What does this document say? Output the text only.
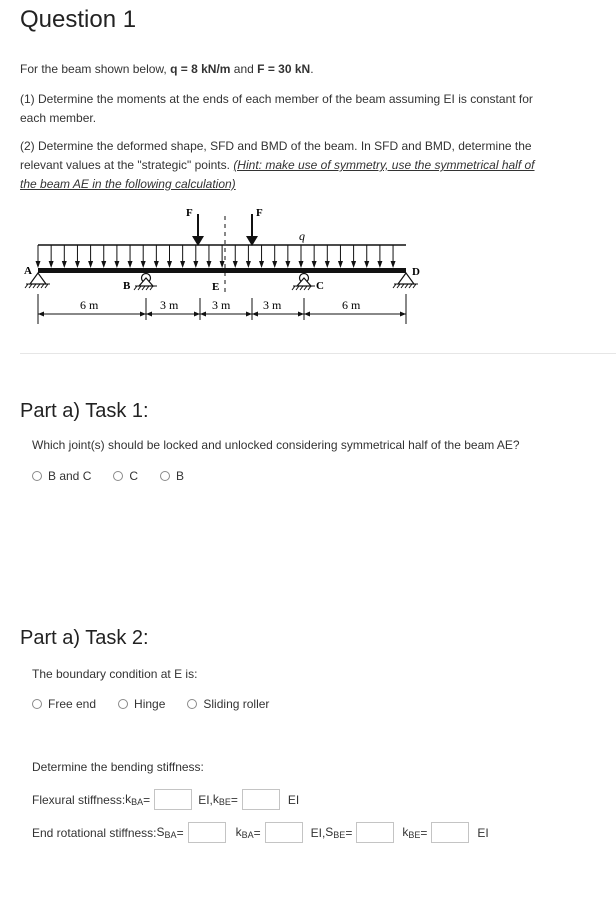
Question 1
For the beam shown below, q = 8 kN/m and F = 30 kN.
(1) Determine the moments at the ends of each member of the beam assuming EI is constant for each member.
(2) Determine the deformed shape, SFD and BMD of the beam. In SFD and BMD, determine the relevant values at the "strategic" points. (Hint: make use of symmetry, use the symmetrical half of the beam AE in the following calculation)
A
B	C
D
E
F	F
q
6 m	3 m	3 m	3 m	6 m
Part a) Task 1:
Which joint(s) should be locked and unlocked considering symmetrical half of the beam AE?
B and C	C	B
Part a) Task 2:
The boundary condition at E is:
Free end	Hinge	Sliding roller
Determine the bending stiffness:
Flexural stiffness: $k_{BA}$ =	EI, $k_{BE}$ =	EI
End rotational stiffness: $S_{BA}$ =	$k_{BA}$ =	EI, $S_{BE}$ =	$k_{BE}$ =	EI
